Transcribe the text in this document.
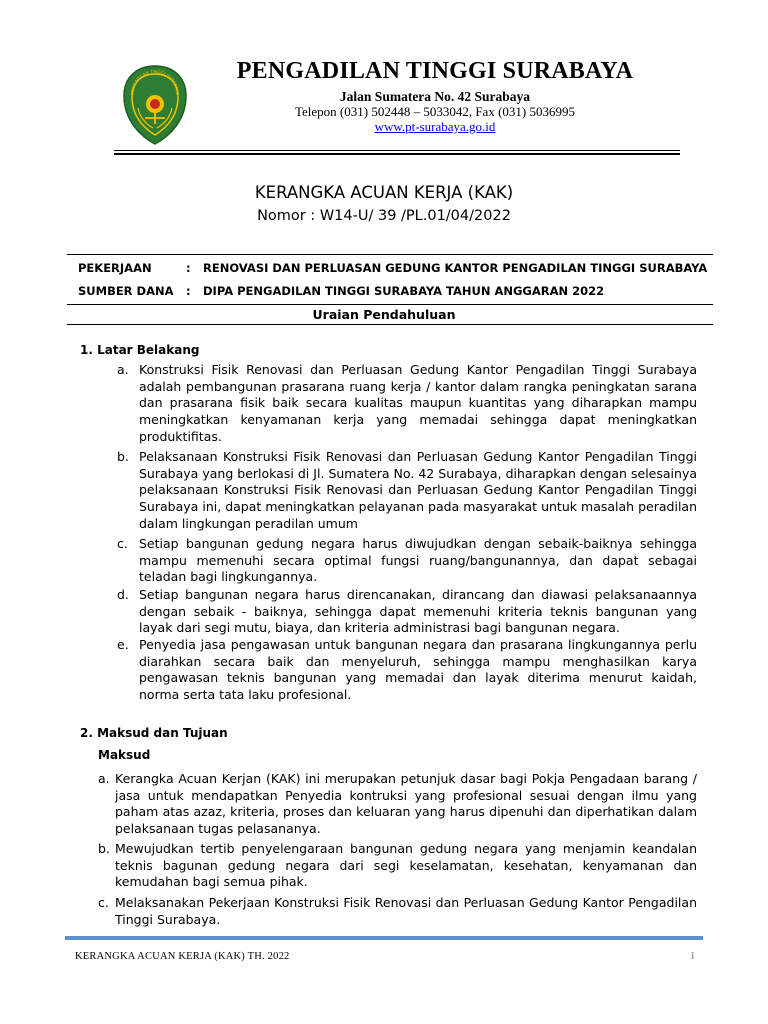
PENGADILAN TINGGI SURABAYA
PENGADILAN TINGGI SURABAYA
Jalan Sumatera No. 42 Surabaya
Telepon (031) 502448 – 5033042, Fax (031) 5036995
www.pt-surabaya.go.id
KERANGKA ACUAN KERJA (KAK)
Nomor : W14-U/ 39 /PL.01/04/2022
PEKERJAAN	: RENOVASI DAN PERLUASAN GEDUNG KANTOR PENGADILAN TINGGI SURABAYA
SUMBER DANA : DIPA PENGADILAN TINGGI SURABAYA TAHUN ANGGARAN 2022
Uraian Pendahuluan
1. Latar Belakang
a. Konstruksi Fisik Renovasi dan Perluasan Gedung Kantor Pengadilan Tinggi Surabaya adalah pembangunan prasarana ruang kerja / kantor dalam rangka peningkatan sarana dan prasarana fisik baik secara kualitas maupun kuantitas yang diharapkan mampu meningkatkan kenyamanan kerja yang memadai sehingga dapat meningkatkan produktifitas.
b. Pelaksanaan Konstruksi Fisik Renovasi dan Perluasan Gedung Kantor Pengadilan Tinggi Surabaya yang berlokasi di Jl. Sumatera No. 42 Surabaya, diharapkan dengan selesainya pelaksanaan Konstruksi Fisik Renovasi dan Perluasan Gedung Kantor Pengadilan Tinggi Surabaya ini, dapat meningkatkan pelayanan pada masyarakat untuk masalah peradilan dalam lingkungan peradilan umum
c. Setiap bangunan gedung negara harus diwujudkan dengan sebaik-baiknya sehingga mampu memenuhi secara optimal fungsi ruang/bangunannya, dan dapat sebagai teladan bagi lingkungannya.
d. Setiap bangunan negara harus direncanakan, dirancang dan diawasi pelaksanaannya dengan sebaik - baiknya, sehingga dapat memenuhi kriteria teknis bangunan yang layak dari segi mutu, biaya, dan kriteria administrasi bagi bangunan negara.
e. Penyedia jasa pengawasan untuk bangunan negara dan prasarana lingkungannya perlu diarahkan secara baik dan menyeluruh, sehingga mampu menghasilkan karya pengawasan teknis bangunan yang memadai dan layak diterima menurut kaidah, norma serta tata laku profesional.
2. Maksud dan Tujuan
Maksud
a. Kerangka Acuan Kerjan (KAK) ini merupakan petunjuk dasar bagi Pokja Pengadaan barang / jasa untuk mendapatkan Penyedia kontruksi yang profesional sesuai dengan ilmu yang paham atas azaz, kriteria, proses dan keluaran yang harus dipenuhi dan diperhatikan dalam pelaksanaan tugas pelasananya.
b. Mewujudkan tertib penyelengaraan bangunan gedung negara yang menjamin keandalan teknis bagunan gedung negara dari segi keselamatan, kesehatan, kenyamanan dan kemudahan bagi semua pihak.
c. Melaksanakan Pekerjaan Konstruksi Fisik Renovasi dan Perluasan Gedung Kantor Pengadilan Tinggi Surabaya.
KERANGKA ACUAN KERJA (KAK) TH. 2022	1
